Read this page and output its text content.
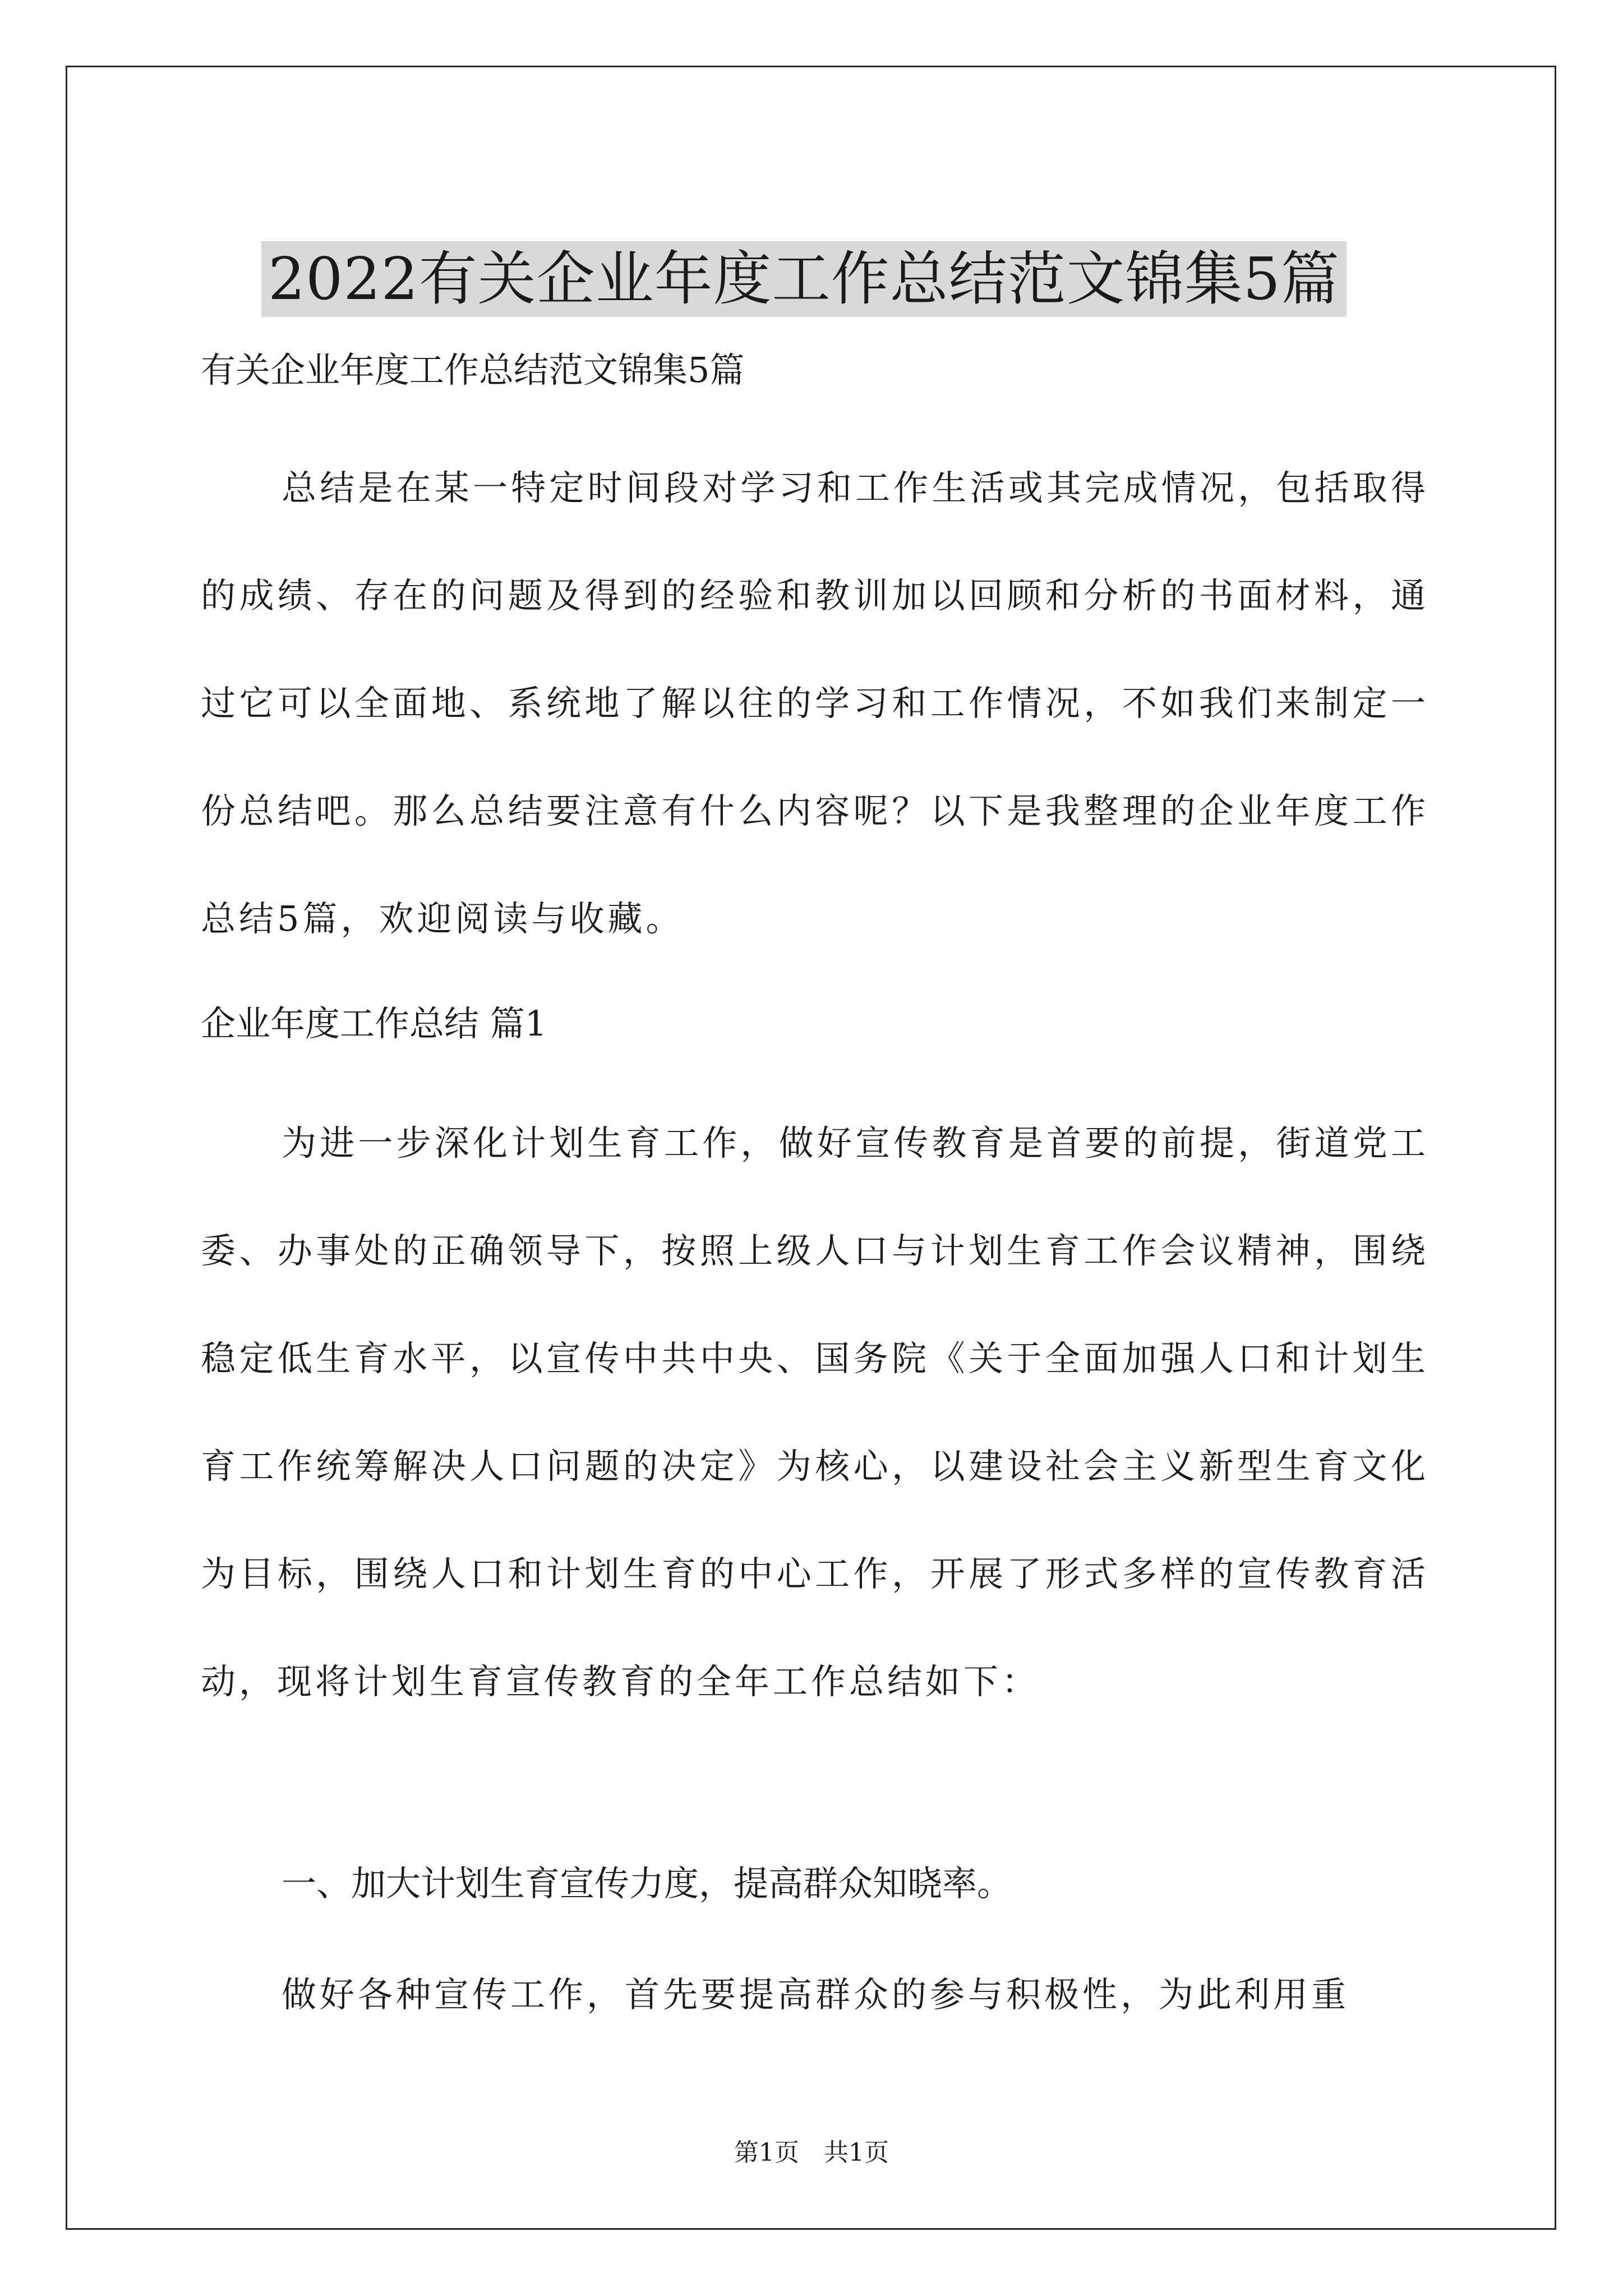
2022有关企业年度工作总结范文锦集5篇

有关企业年度工作总结范文锦集5篇

总结是在某一特定时间段对学习和工作生活或其完成情况，包括取得的成绩、存在的问题及得到的经验和教训加以回顾和分析的书面材料，通过它可以全面地、系统地了解以往的学习和工作情况，不如我们来制定一份总结吧。那么总结要注意有什么内容呢？以下是我整理的企业年度工作总结5篇，欢迎阅读与收藏。

企业年度工作总结 篇1

为进一步深化计划生育工作，做好宣传教育是首要的前提，街道党工委、办事处的正确领导下，按照上级人口与计划生育工作会议精神，围绕稳定低生育水平，以宣传中共中央、国务院《关于全面加强人口和计划生育工作统筹解决人口问题的决定》为核心，以建设社会主义新型生育文化为目标，围绕人口和计划生育的中心工作，开展了形式多样的宣传教育活动，现将计划生育宣传教育的全年工作总结如下：

一、加大计划生育宣传力度，提高群众知晓率。

做好各种宣传工作，首先要提高群众的参与积极性，为此利用重

第1页　共1页
